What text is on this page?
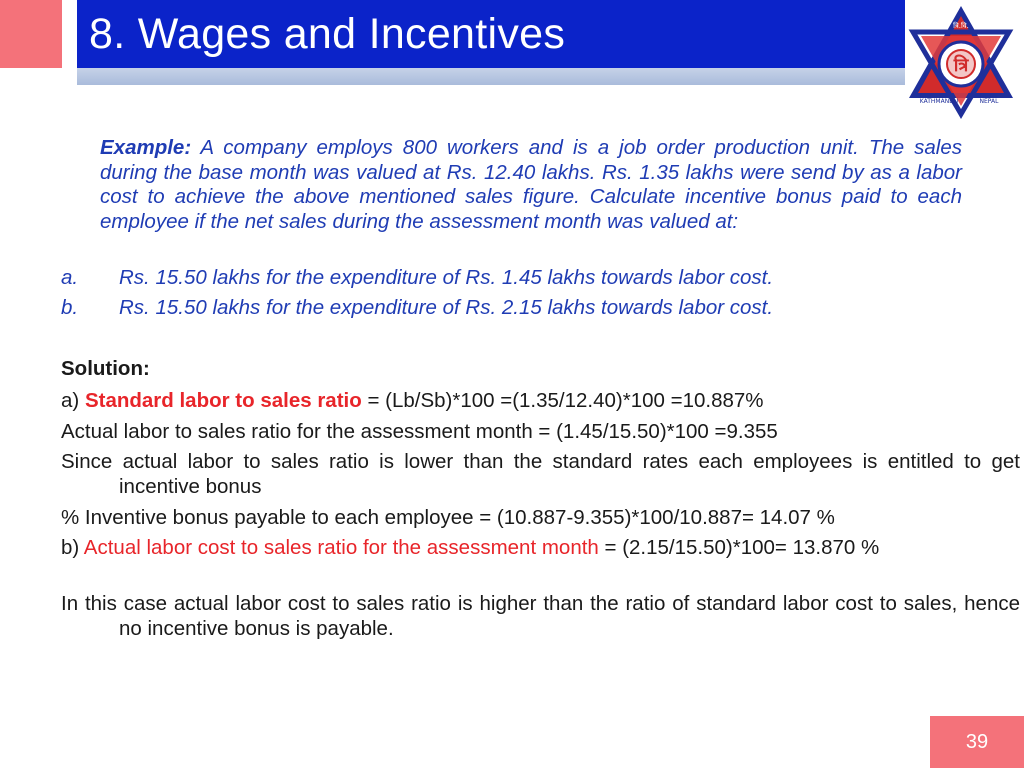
8. Wages and Incentives
त्रि
त्रि.वि.
KATHMANDU	NEPAL
Example: A company employs 800 workers and is a job order production unit. The sales during the base month was valued at Rs. 12.40 lakhs. Rs. 1.35 lakhs were send by as a labor cost to achieve the above mentioned sales figure. Calculate incentive bonus paid to each employee if the net sales during the assessment month was valued at:
a. Rs. 15.50 lakhs for the expenditure of Rs. 1.45 lakhs towards labor cost.
b. Rs. 15.50 lakhs for the expenditure of Rs. 2.15 lakhs towards labor cost.
Solution:
a) Standard labor to sales ratio = (Lb/Sb)*100 =(1.35/12.40)*100 =10.887%
Actual labor to sales ratio for the assessment month = (1.45/15.50)*100 =9.355
Since actual labor to sales ratio is lower than the standard rates each employees is entitled to get incentive bonus
% Inventive bonus payable to each employee = (10.887-9.355)*100/10.887= 14.07 %
b) Actual labor cost to sales ratio for the assessment month = (2.15/15.50)*100= 13.870 %
In this case actual labor cost to sales ratio is higher than the ratio of standard labor cost to sales, hence no incentive bonus is payable.
39
